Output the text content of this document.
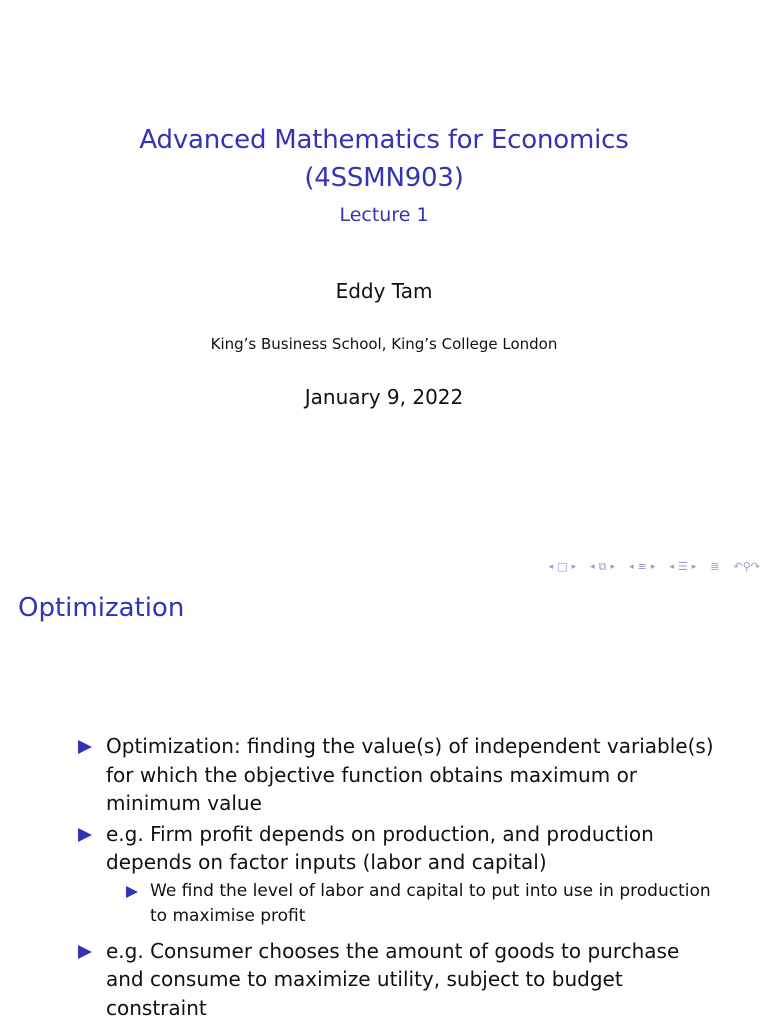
Advanced Mathematics for Economics
(4SSMN903)
Lecture 1
Eddy Tam
King’s Business School, King’s College London
January 9, 2022
◂ □ ▸ ◂ ⧉ ▸ ◂ ≡ ▸ ◂ ☰ ▸ ≣ ↶⚲↷
Optimization
Optimization: finding the value(s) of independent variable(s) for which the objective function obtains maximum or minimum value
e.g. Firm profit depends on production, and production depends on factor inputs (labor and capital)
We find the level of labor and capital to put into use in production to maximise profit
e.g. Consumer chooses the amount of goods to purchase and consume to maximize utility, subject to budget constraint
